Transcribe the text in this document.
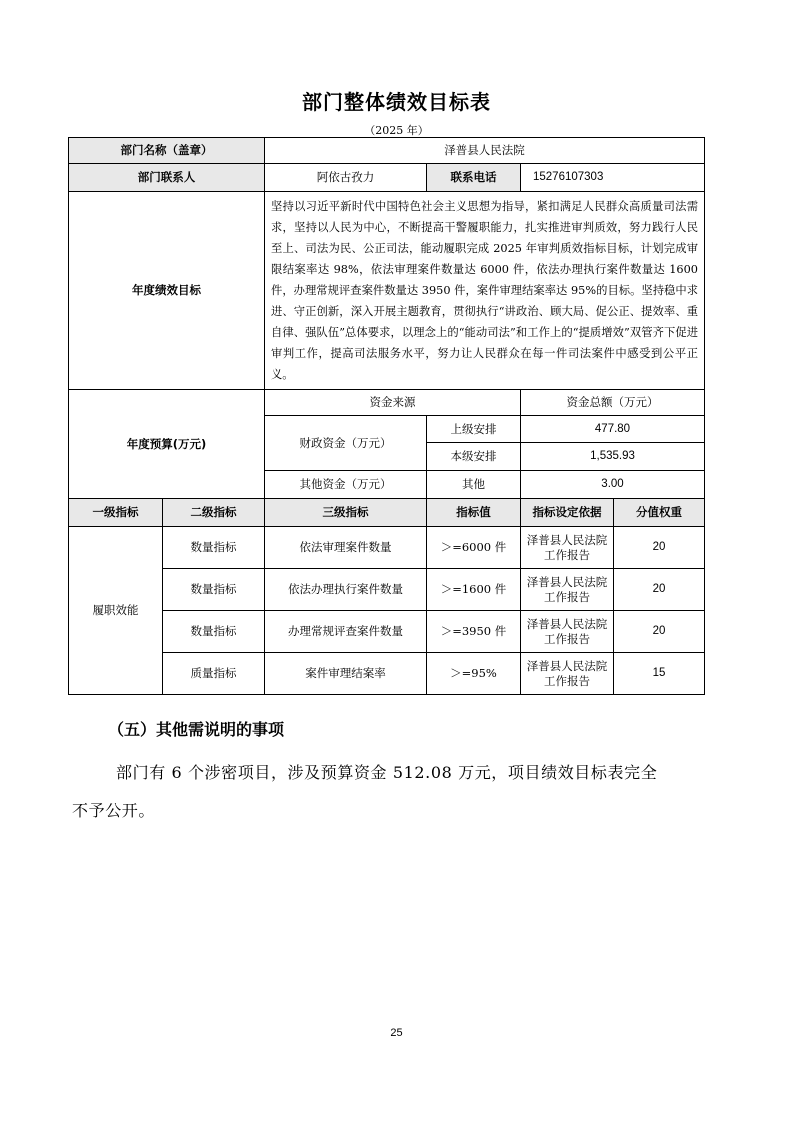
部门整体绩效目标表
（2025 年）
部门名称（盖章）		泽普县人民法院			
部门联系人		阿依古孜力	联系电话	15276107303	
年度绩效目标		坚持以习近平新时代中国特色社会主义思想为指导，紧扣满足人民群众高质量司法需求，坚持以人民为中心，不断提高干警履职能力，扎实推进审判质效，努力践行人民至上、司法为民、公正司法，能动履职完成 2025 年审判质效指标目标，计划完成审限结案率达 98%，依法审理案件数量达 6000 件，依法办理执行案件数量达 1600 件，办理常规评查案件数量达 3950 件，案件审理结案率达 95%的目标。坚持稳中求进、守正创新，深入开展主题教育，贯彻执行“讲政治、顾大局、促公正、提效率、重自律、强队伍”总体要求，以理念上的“能动司法”和工作上的“提质增效”双管齐下促进审判工作，提高司法服务水平，努力让人民群众在每一件司法案件中感受到公平正义。			
年度预算(万元)		资金来源		资金总额（万元）	
		财政资金（万元）	上级安排	477.80	
			本级安排	1,535.93	
		其他资金（万元）	其他	3.00	
一级指标	二级指标	三级指标	指标值	指标设定依据	分值权重
履职效能	数量指标	依法审理案件数量	＞=6000 件	泽普县人民法院工作报告	20
	数量指标	依法办理执行案件数量	＞=1600 件	泽普县人民法院工作报告	20
	数量指标	办理常规评查案件数量	＞=3950 件	泽普县人民法院工作报告	20
	质量指标	案件审理结案率	＞=95%	泽普县人民法院工作报告	15
（五）其他需说明的事项
部门有 6 个涉密项目，涉及预算资金 512.08 万元，项目绩效目标表完全
不予公开。
25
